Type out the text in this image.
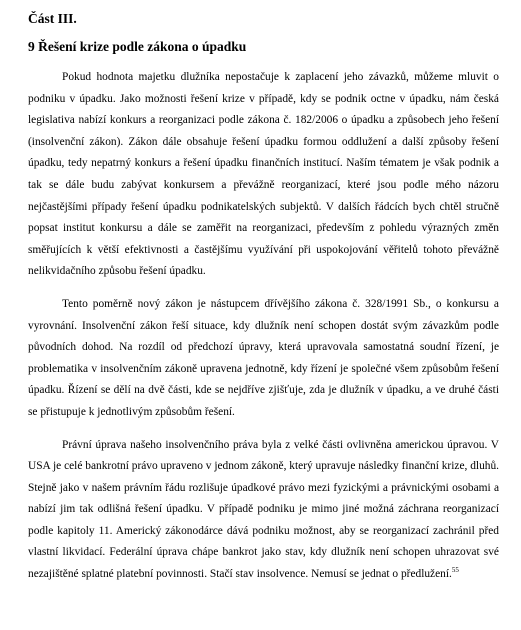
Část III.
9 Řešení krize podle zákona o úpadku

Pokud hodnota majetku dlužníka nepostačuje k zaplacení jeho závazků, můžeme mluvit o podniku v úpadku. Jako možnosti řešení krize v případě, kdy se podnik octne v úpadku, nám česká legislativa nabízí konkurs a reorganizaci podle zákona č. 182/2006 o úpadku a způsobech jeho řešení (insolvenční zákon). Zákon dále obsahuje řešení úpadku formou oddlužení a další způsoby řešení úpadku, tedy nepatrný konkurs a řešení úpadku finančních institucí. Naším tématem je však podnik a tak se dále budu zabývat konkursem a převážně reorganizací, které jsou podle mého názoru nejčastějšími případy řešení úpadku podnikatelských subjektů. V dalších řádcích bych chtěl stručně popsat institut konkursu a dále se zaměřit na reorganizaci, především z pohledu výrazných změn směřujících k větší efektivnosti a častějšímu využívání při uspokojování věřitelů tohoto převážně nelikvidačního způsobu řešení úpadku.

Tento poměrně nový zákon je nástupcem dřívějšího zákona č. 328/1991 Sb., o konkursu a vyrovnání. Insolvenční zákon řeší situace, kdy dlužník není schopen dostát svým závazkům podle původních dohod. Na rozdíl od předchozí úpravy, která upravovala samostatná soudní řízení, je problematika v insolvenčním zákoně upravena jednotně, kdy řízení je společné všem způsobům řešení úpadku. Řízení se dělí na dvě části, kde se nejdříve zjišťuje, zda je dlužník v úpadku, a ve druhé části se přistupuje k jednotlivým způsobům řešení.

Právní úprava našeho insolvenčního práva byla z velké části ovlivněna americkou úpravou. V USA je celé bankrotní právo upraveno v jednom zákoně, který upravuje následky finanční krize, dluhů. Stejně jako v našem právním řádu rozlišuje úpadkové právo mezi fyzickými a právnickými osobami a nabízí jim tak odlišná řešení úpadku. V případě podniku je mimo jiné možná záchrana reorganizací podle kapitoly 11. Americký zákonodárce dává podniku možnost, aby se reorganizací zachránil před vlastní likvidací. Federální úprava chápe bankrot jako stav, kdy dlužník není schopen uhrazovat své nezajištěné splatné platební povinnosti. Stačí stav insolvence. Nemusí se jednat o předlužení.$^{55}$
